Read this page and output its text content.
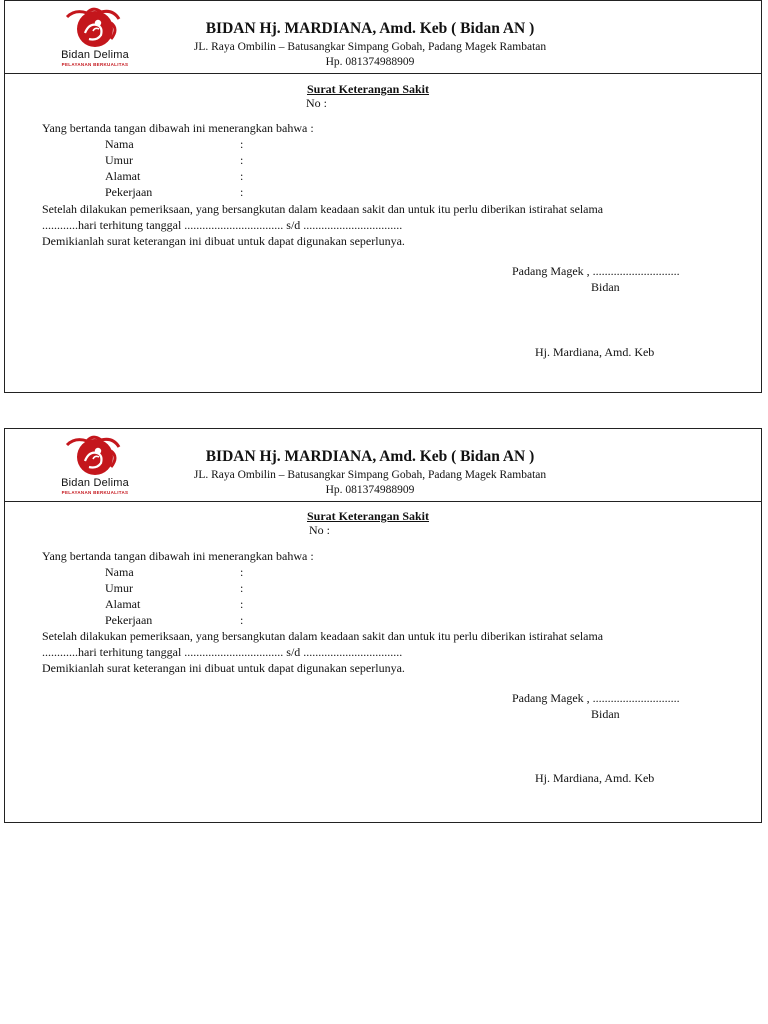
Bidan Delima
PELAYANAN BERKUALITAS
BIDAN Hj. MARDIANA, Amd. Keb ( Bidan AN )
JL. Raya Ombilin – Batusangkar Simpang Gobah, Padang Magek Rambatan
Hp. 081374988909
Surat Keterangan Sakit
No :
Yang bertanda tangan dibawah ini menerangkan bahwa :
Nama	:
Umur	:
Alamat	:
Pekerjaan	:
Setelah dilakukan pemeriksaan, yang bersangkutan dalam keadaan sakit dan untuk itu perlu diberikan istirahat selama
............hari terhitung tanggal ................................. s/d .................................
Demikianlah surat keterangan ini dibuat untuk dapat digunakan seperlunya.
Padang Magek , .............................
Bidan
Hj. Mardiana, Amd. Keb
Bidan Delima
PELAYANAN BERKUALITAS
BIDAN Hj. MARDIANA, Amd. Keb ( Bidan AN )
JL. Raya Ombilin – Batusangkar Simpang Gobah, Padang Magek Rambatan
Hp. 081374988909
Surat Keterangan Sakit
No :
Yang bertanda tangan dibawah ini menerangkan bahwa :
Nama	:
Umur	:
Alamat	:
Pekerjaan	:
Setelah dilakukan pemeriksaan, yang bersangkutan dalam keadaan sakit dan untuk itu perlu diberikan istirahat selama
............hari terhitung tanggal ................................. s/d .................................
Demikianlah surat keterangan ini dibuat untuk dapat digunakan seperlunya.
Padang Magek , .............................
Bidan
Hj. Mardiana, Amd. Keb
